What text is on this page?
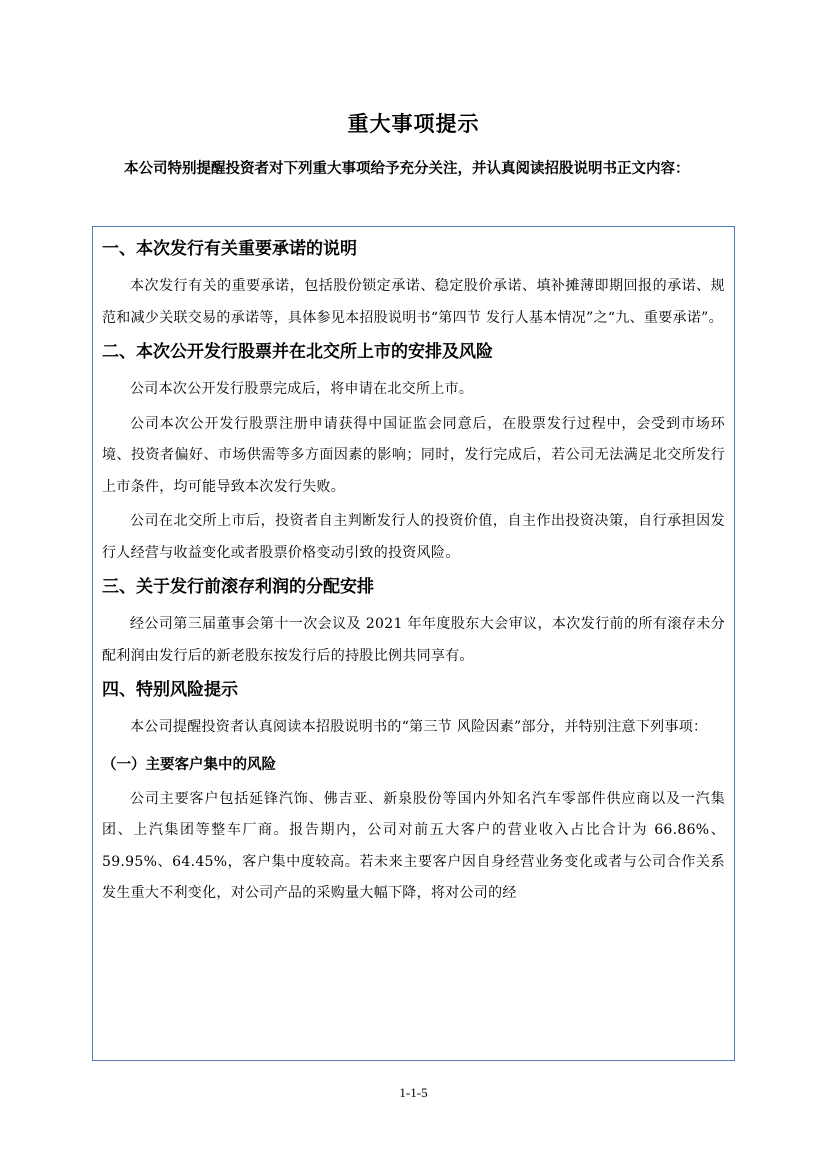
重大事项提示
本公司特别提醒投资者对下列重大事项给予充分关注，并认真阅读招股说明书正文内容：
一、本次发行有关重要承诺的说明
本次发行有关的重要承诺，包括股份锁定承诺、稳定股价承诺、填补摊薄即期回报的承诺、规范和减少关联交易的承诺等，具体参见本招股说明书“第四节 发行人基本情况”之“九、重要承诺”。
二、本次公开发行股票并在北交所上市的安排及风险
公司本次公开发行股票完成后，将申请在北交所上市。
公司本次公开发行股票注册申请获得中国证监会同意后，在股票发行过程中，会受到市场环境、投资者偏好、市场供需等多方面因素的影响；同时，发行完成后，若公司无法满足北交所发行上市条件，均可能导致本次发行失败。
公司在北交所上市后，投资者自主判断发行人的投资价值，自主作出投资决策，自行承担因发行人经营与收益变化或者股票价格变动引致的投资风险。
三、关于发行前滚存利润的分配安排
经公司第三届董事会第十一次会议及 2021 年年度股东大会审议，本次发行前的所有滚存未分配利润由发行后的新老股东按发行后的持股比例共同享有。
四、特别风险提示
本公司提醒投资者认真阅读本招股说明书的“第三节 风险因素”部分，并特别注意下列事项：
（一）主要客户集中的风险
公司主要客户包括延锋汽饰、佛吉亚、新泉股份等国内外知名汽车零部件供应商以及一汽集团、上汽集团等整车厂商。报告期内，公司对前五大客户的营业收入占比合计为 66.86%、59.95%、64.45%，客户集中度较高。若未来主要客户因自身经营业务变化或者与公司合作关系发生重大不利变化，对公司产品的采购量大幅下降，将对公司的经
1-1-5
